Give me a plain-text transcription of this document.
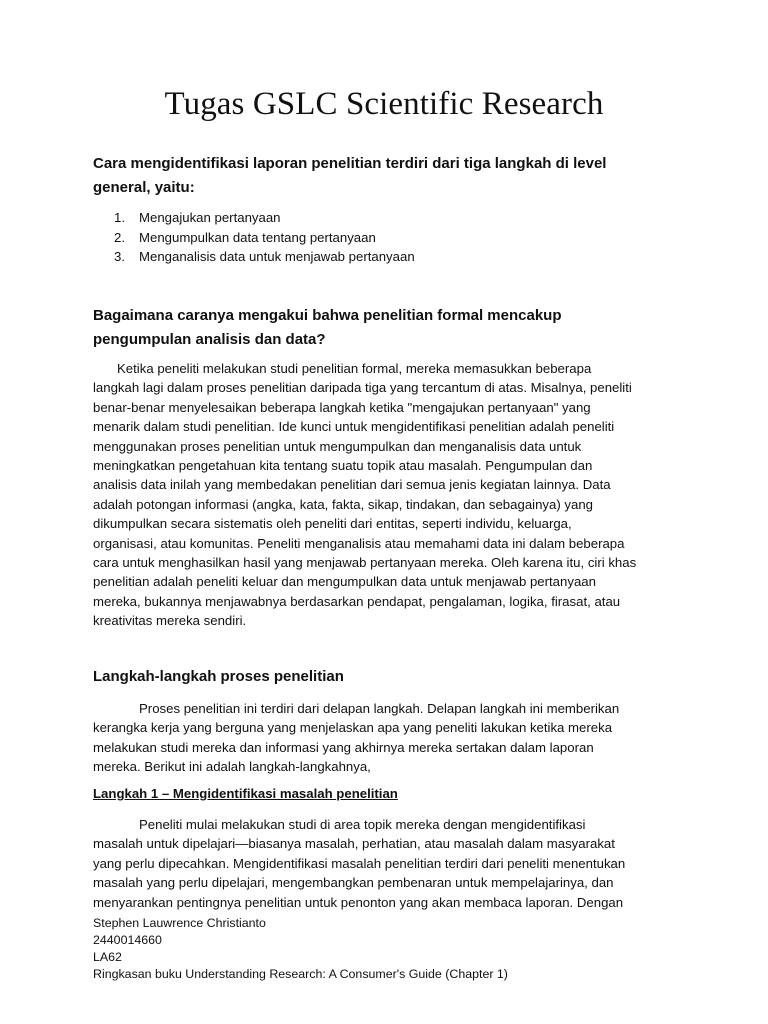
Tugas GSLC Scientific Research
Cara mengidentifikasi laporan penelitian terdiri dari tiga langkah di level
general, yaitu:
1.	Mengajukan pertanyaan
2.	Mengumpulkan data tentang pertanyaan
3.	Menganalisis data untuk menjawab pertanyaan
Bagaimana caranya mengakui bahwa penelitian formal mencakup
pengumpulan analisis dan data?

Ketika peneliti melakukan studi penelitian formal, mereka memasukkan beberapa
langkah lagi dalam proses penelitian daripada tiga yang tercantum di atas. Misalnya, peneliti
benar-benar menyelesaikan beberapa langkah ketika "mengajukan pertanyaan" yang
menarik dalam studi penelitian. Ide kunci untuk mengidentifikasi penelitian adalah peneliti
menggunakan proses penelitian untuk mengumpulkan dan menganalisis data untuk
meningkatkan pengetahuan kita tentang suatu topik atau masalah. Pengumpulan dan
analisis data inilah yang membedakan penelitian dari semua jenis kegiatan lainnya. Data
adalah potongan informasi (angka, kata, fakta, sikap, tindakan, dan sebagainya) yang
dikumpulkan secara sistematis oleh peneliti dari entitas, seperti individu, keluarga,
organisasi, atau komunitas. Peneliti menganalisis atau memahami data ini dalam beberapa
cara untuk menghasilkan hasil yang menjawab pertanyaan mereka. Oleh karena itu, ciri khas
penelitian adalah peneliti keluar dan mengumpulkan data untuk menjawab pertanyaan
mereka, bukannya menjawabnya berdasarkan pendapat, pengalaman, logika, firasat, atau
kreativitas mereka sendiri.

Langkah-langkah proses penelitian

Proses penelitian ini terdiri dari delapan langkah. Delapan langkah ini memberikan
kerangka kerja yang berguna yang menjelaskan apa yang peneliti lakukan ketika mereka
melakukan studi mereka dan informasi yang akhirnya mereka sertakan dalam laporan
mereka. Berikut ini adalah langkah-langkahnya,

Langkah 1 – Mengidentifikasi masalah penelitian

Peneliti mulai melakukan studi di area topik mereka dengan mengidentifikasi
masalah untuk dipelajari—biasanya masalah, perhatian, atau masalah dalam masyarakat
yang perlu dipecahkan. Mengidentifikasi masalah penelitian terdiri dari peneliti menentukan
masalah yang perlu dipelajari, mengembangkan pembenaran untuk mempelajarinya, dan
menyarankan pentingnya penelitian untuk penonton yang akan membaca laporan. Dengan

Stephen Lauwrence Christianto
2440014660
LA62
Ringkasan buku Understanding Research: A Consumer's Guide (Chapter 1)
